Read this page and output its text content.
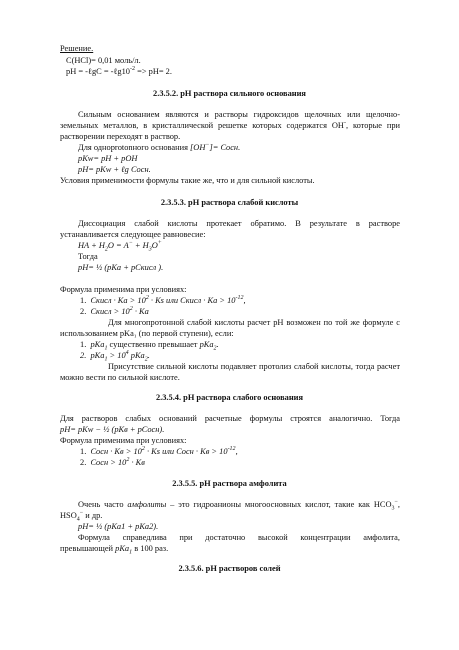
Решение.
C(HCl)= 0,01 моль/л.
pH = -ℓgC = $-\ell g10^{-2} => pH= 2$.
2.3.5.2. pH раствора сильного основания
Сильным основанием являются и растворы гидроксидов щелочных или щелочно-
земельных металлов, в кристаллической решетке которых содержатся OH-, которые при
растворении переходят в раствор.
Для одноprotonного основания [OH−]= Cосн.
pKw= pH + pOH
pH= pKw + ℓg Cосн.
Условия применимости формулы такие же, что и для сильной кислоты.
2.3.5.3. pH раствора слабой кислоты
Диссоциация слабой кислоты протекает обратимо. В результате в растворе
устанавливается следующее равновесие:
HA + $H_2O = A^- + H_3O^+$
Тогда
pH= ½ (pKa + pCкисл ).
Формула применима при условиях:
1. Cкисл · $Ka > 10^2 \cdot Ks$ или Cкисл · $Ka > 10^{-12}$,
2. Cкисл > $10^2 \cdot Ka$
Для многопротонной слабой кислоты расчет pH возможен по той же формуле с
использованием pKa₁ (по первой ступени), если:
1. pKa$_1$ существенно превышает pKa$_2$.
2. $pKa_1 > 10^4$ pKa$_2$.
Присутствие сильной кислоты подавляет протолиз слабой кислоты, тогда расчет
можно вести по сильной кислоте.
2.3.5.4. pH раствора слабого основания
Для растворов слабых оснований расчетные формулы строятся аналогично. Тогда
pH= pKw − ½ (pKв + pCосн).
Формула применима при условиях:
1. Cосн · Kв > $10^2 \cdot Ks$ или Cосн · Kв > $10^{-12}$,
2. Cосн > $10^2$ · Kв
2.3.5.5. pH раствора амфолита
Очень часто амфолиты – это гидроанионы многоосновных кислот, такие как $HCO_3^-$,
$HSO_4^-$ и др.
pH= ½ (pKa1 + pKa2).
Формула справедлива при достаточно высокой концентрации амфолита,
превышающей pKa$_1$ в 100 раз.
2.3.5.6. pH растворов солей
